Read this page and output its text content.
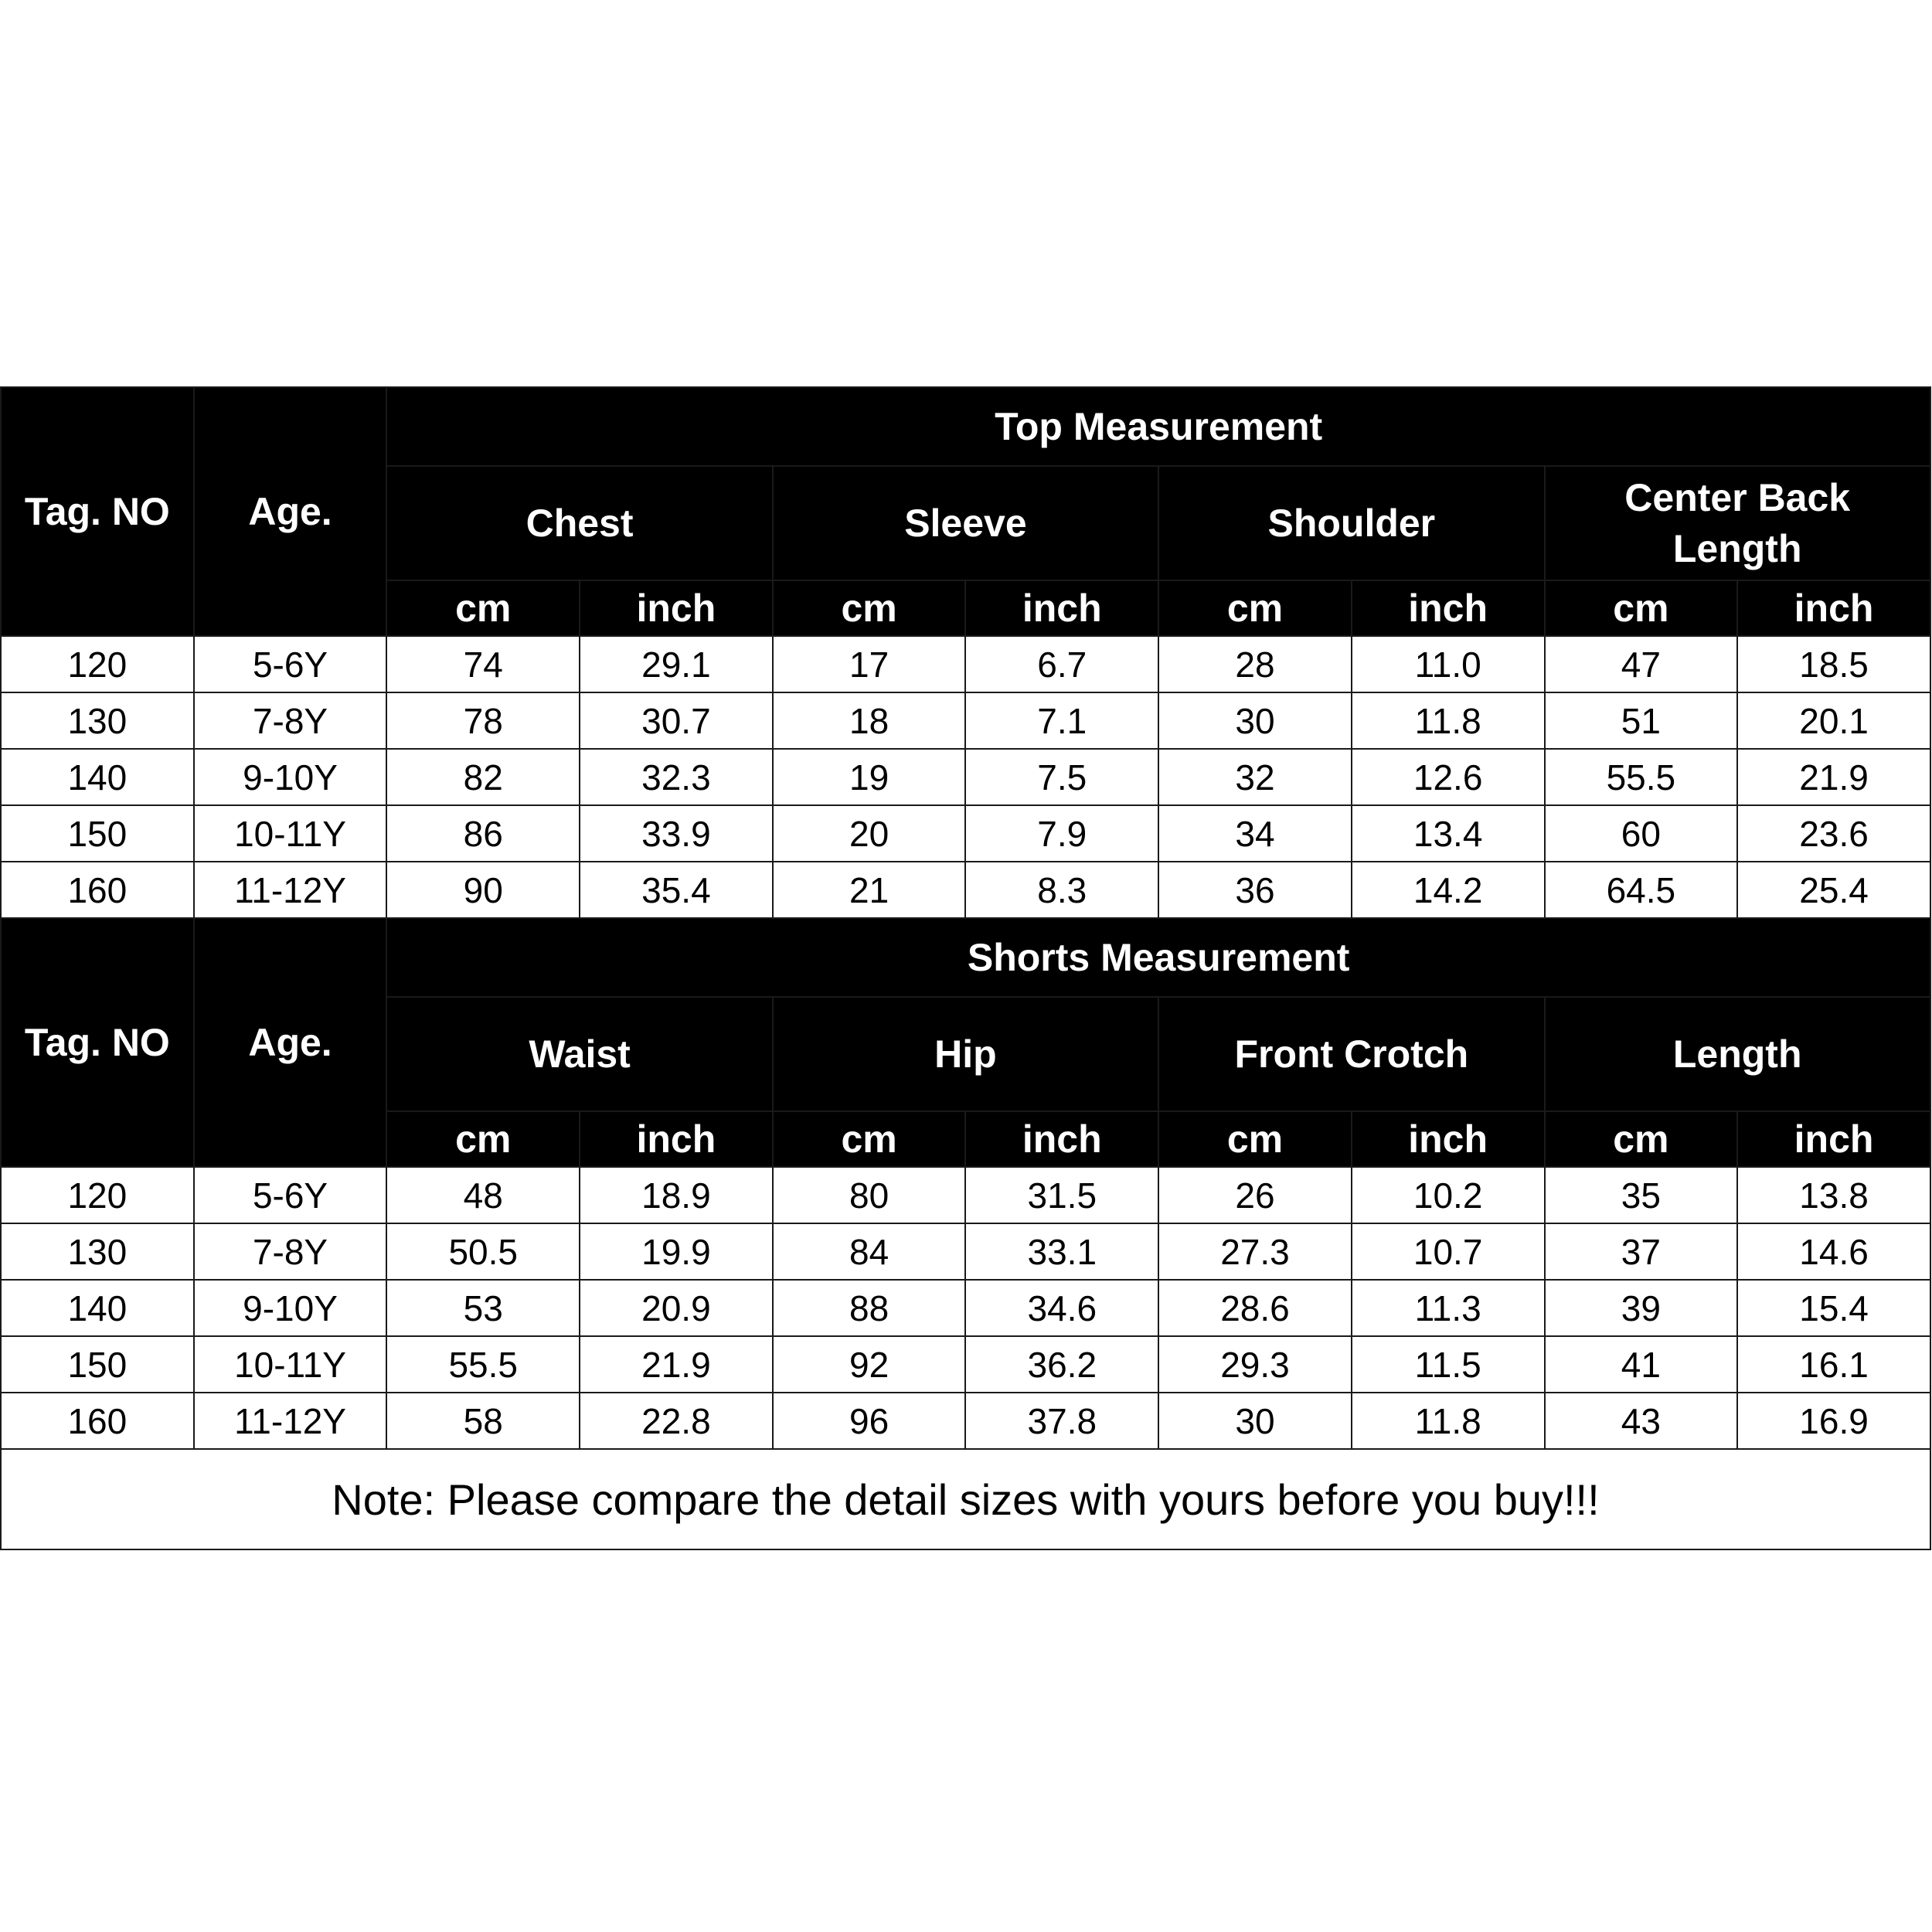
Tag. NO	Age.	Top Measurement							

		Chest		Sleeve		Shoulder		Center Back
Length	

		cm	inch	cm	inch	cm	inch	cm	inch
120	5-6Y	74	29.1	17	6.7	28	11.0	47	18.5
130	7-8Y	78	30.7	18	7.1	30	11.8	51	20.1
140	9-10Y	82	32.3	19	7.5	32	12.6	55.5	21.9
150	10-11Y	86	33.9	20	7.9	34	13.4	60	23.6
160	11-12Y	90	35.4	21	8.3	36	14.2	64.5	25.4
Tag. NO	Age.	Shorts Measurement							

		Waist		Hip		Front Crotch		Length	

		cm	inch	cm	inch	cm	inch	cm	inch
120	5-6Y	48	18.9	80	31.5	26	10.2	35	13.8
130	7-8Y	50.5	19.9	84	33.1	27.3	10.7	37	14.6
140	9-10Y	53	20.9	88	34.6	28.6	11.3	39	15.4
150	10-11Y	55.5	21.9	92	36.2	29.3	11.5	41	16.1
160	11-12Y	58	22.8	96	37.8	30	11.8	43	16.9
Note: Please compare the detail sizes with yours before you buy!!!									
